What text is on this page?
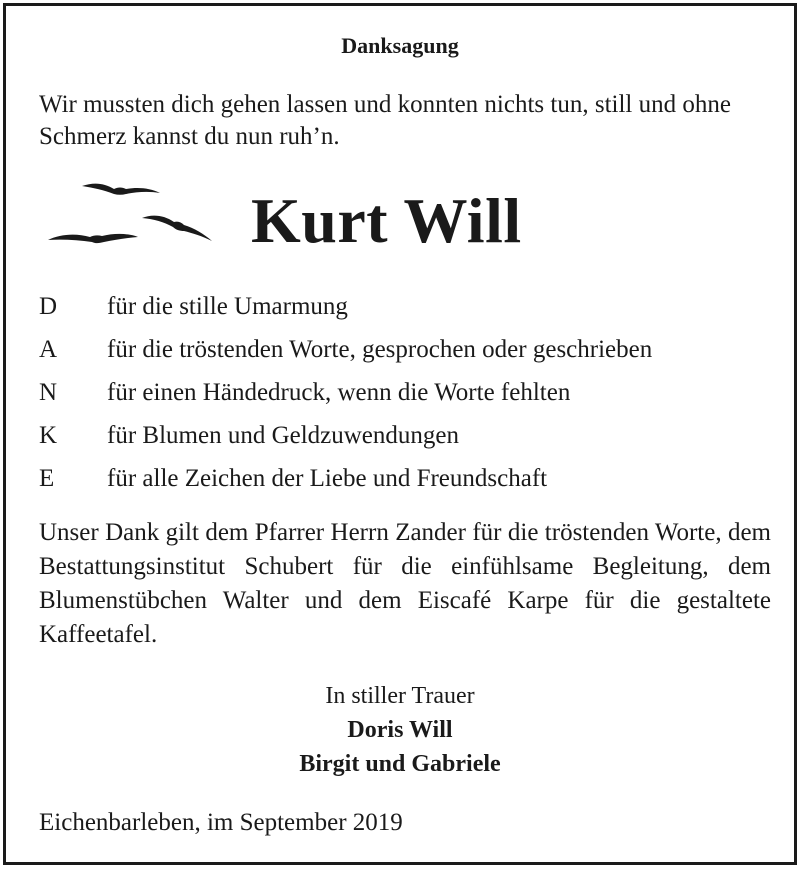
Danksagung
Wir mussten dich gehen lassen und konnten nichts tun, still und ohne Schmerz kannst du nun ruh’n.
Kurt Will
D für die stille Umarmung
A für die tröstenden Worte, gesprochen oder geschrieben
N für einen Händedruck, wenn die Worte fehlten
K für Blumen und Geldzuwendungen
E für alle Zeichen der Liebe und Freundschaft
Unser Dank gilt dem Pfarrer Herrn Zander für die tröstenden Worte, dem Bestattungsinstitut Schubert für die einfühlsame Begleitung, dem Blumenstübchen Walter und dem Eiscafé Karpe für die gestaltete Kaffeetafel.
In stiller Trauer
Doris Will
Birgit und Gabriele
Eichenbarleben, im September 2019
